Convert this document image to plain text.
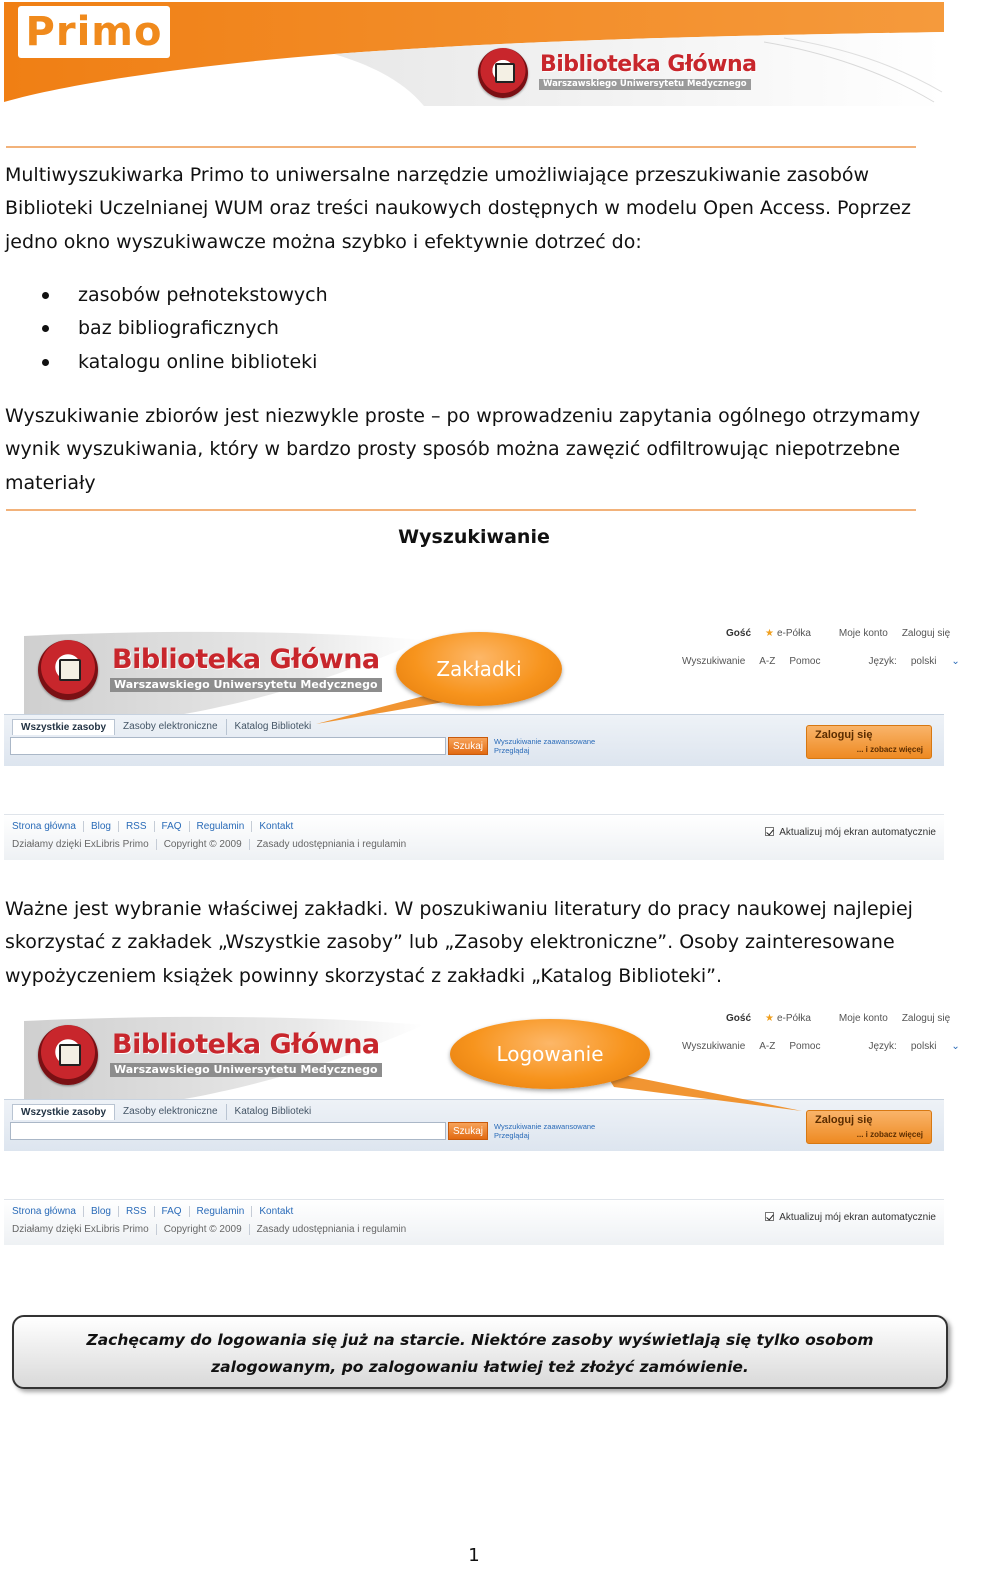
Primo
Biblioteka Główna
Warszawskiego Uniwersytetu Medycznego

Multiwyszukiwarka Primo to uniwersalne narzędzie umożliwiające przeszukiwanie zasobów Biblioteki Uczelnianej WUM oraz treści naukowych dostępnych w modelu Open Access. Poprzez jedno okno wyszukiwawcze można szybko i efektywnie dotrzeć do:

zasobów pełnotekstowych
baz bibliograficznych
katalogu online biblioteki

Wyszukiwanie zbiorów jest niezwykle proste – po wprowadzeniu zapytania ogólnego otrzymamy wynik wyszukiwania, który w bardzo prosty sposób można zawęzić odfiltrowując niepotrzebne materiały

Wyszukiwanie
Biblioteka Główna
Warszawskiego Uniwersytetu Medycznego
Gość ★ e-Półka	Moje konto Zaloguj się
Wyszukiwanie A-Z Pomoc	Język: polski ⌄
Wszystkie zasoby	Zasoby elektroniczne	Katalog Biblioteki
Szukaj	Wyszukiwanie zaawansowane
Przeglądaj
Zaloguj się
... i zobacz więcej
Zakładki
Strona główna	Blog	RSS	FAQ	Regulamin	Kontakt
Działamy dzięki ExLibris Primo	Copyright © 2009	Zasady udostępniania i regulamin
Aktualizuj mój ekran automatycznie

Ważne jest wybranie właściwej zakładki. W poszukiwaniu literatury do pracy naukowej najlepiej skorzystać z zakładek „Wszystkie zasoby” lub „Zasoby elektroniczne”. Osoby zainteresowane wypożyczeniem książek powinny skorzystać z zakładki „Katalog Biblioteki”.

Biblioteka Główna
Warszawskiego Uniwersytetu Medycznego
Gość ★ e-Półka	Moje konto Zaloguj się
Wyszukiwanie A-Z Pomoc	Język: polski ⌄
Wszystkie zasoby	Zasoby elektroniczne	Katalog Biblioteki
Szukaj	Wyszukiwanie zaawansowane
Przeglądaj
Zaloguj się
... i zobacz więcej
Logowanie
Strona główna	Blog	RSS	FAQ	Regulamin	Kontakt
Działamy dzięki ExLibris Primo	Copyright © 2009	Zasady udostępniania i regulamin
Aktualizuj mój ekran automatycznie
Zachęcamy do logowania się już na starcie. Niektóre zasoby wyświetlają się tylko osobom zalogowanym, po zalogowaniu łatwiej też złożyć zamówienie.
1
